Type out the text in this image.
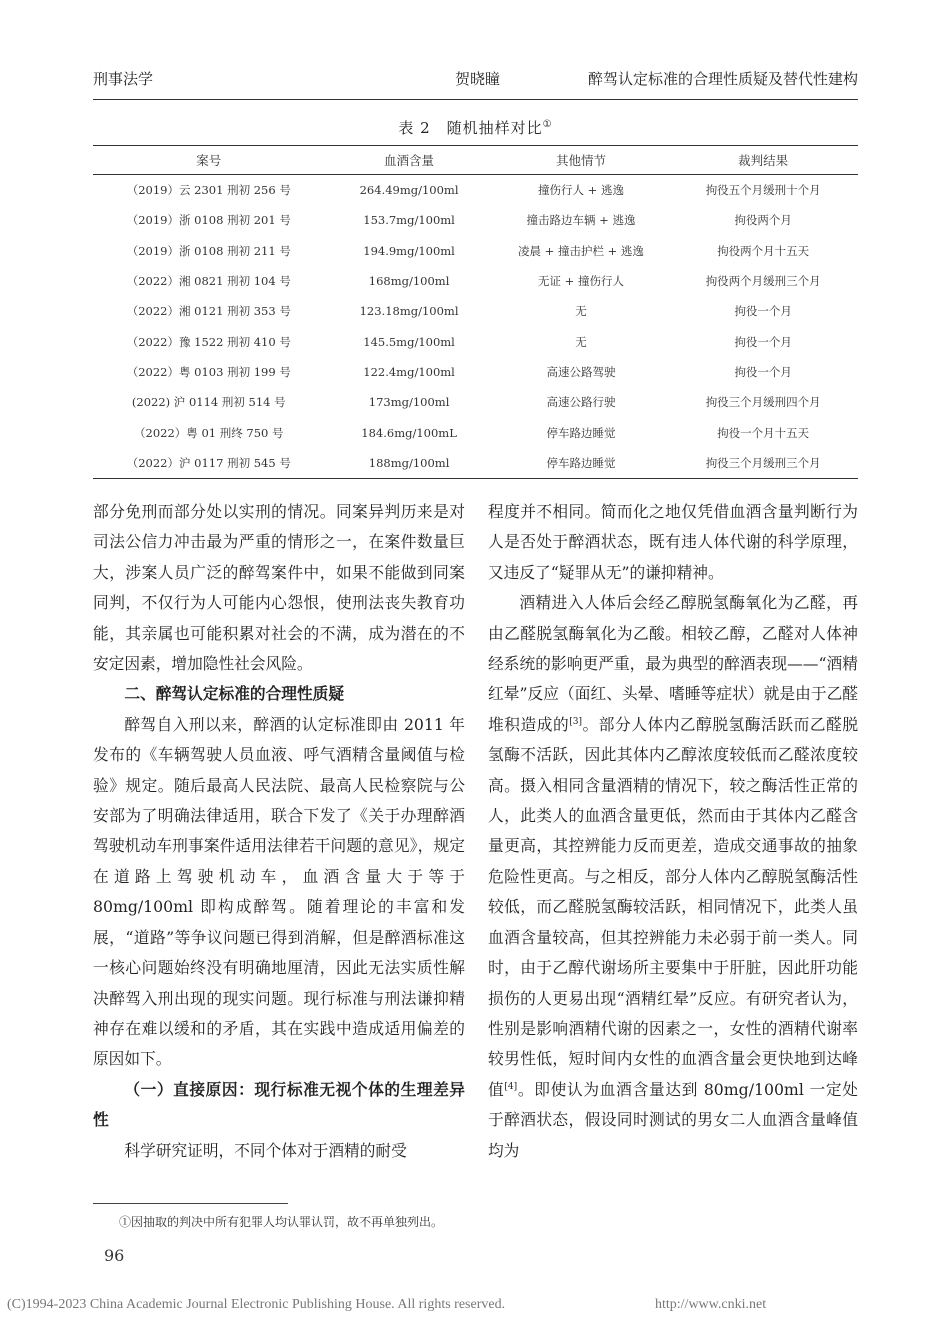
刑事法学	贺晓瞳	醉驾认定标准的合理性质疑及替代性建构
表 2　随机抽样对比①
案号	血酒含量	其他情节	裁判结果
（2019）云 2301 刑初 256 号	264.49mg/100ml	撞伤行人 + 逃逸	拘役五个月缓刑十个月
（2019）浙 0108 刑初 201 号	153.7mg/100ml	撞击路边车辆 + 逃逸	拘役两个月
（2019）浙 0108 刑初 211 号	194.9mg/100ml	凌晨 + 撞击护栏 + 逃逸	拘役两个月十五天
（2022）湘 0821 刑初 104 号	168mg/100ml	无证 + 撞伤行人	拘役两个月缓刑三个月
（2022）湘 0121 刑初 353 号	123.18mg/100ml	无	拘役一个月
（2022）豫 1522 刑初 410 号	145.5mg/100ml	无	拘役一个月
（2022）粤 0103 刑初 199 号	122.4mg/100ml	高速公路驾驶	拘役一个月
(2022) 沪 0114 刑初 514 号	173mg/100ml	高速公路行驶	拘役三个月缓刑四个月
（2022）粤 01 刑终 750 号	184.6mg/100mL	停车路边睡觉	拘役一个月十五天
（2022）沪 0117 刑初 545 号	188mg/100ml	停车路边睡觉	拘役三个月缓刑三个月

部分免刑而部分处以实刑的情况。同案异判历来是对司法公信力冲击最为严重的情形之一，在案件数量巨大，涉案人员广泛的醉驾案件中，如果不能做到同案同判，不仅行为人可能内心怨恨，使刑法丧失教育功能，其亲属也可能积累对社会的不满，成为潜在的不安定因素，增加隐性社会风险。

二、醉驾认定标准的合理性质疑

醉驾自入刑以来，醉酒的认定标准即由 2011 年发布的《车辆驾驶人员血液、呼气酒精含量阈值与检验》规定。随后最高人民法院、最高人民检察院与公安部为了明确法律适用，联合下发了《关于办理醉酒驾驶机动车刑事案件适用法律若干问题的意见》，规定在道路上驾驶机动车，血酒含量大于等于 80mg/100ml 即构成醉驾。随着理论的丰富和发展，“道路”等争议问题已得到消解，但是醉酒标准这一核心问题始终没有明确地厘清，因此无法实质性解决醉驾入刑出现的现实问题。现行标准与刑法谦抑精神存在难以缓和的矛盾，其在实践中造成适用偏差的原因如下。

（一）直接原因：现行标准无视个体的生理差异性

科学研究证明，不同个体对于酒精的耐受

程度并不相同。简而化之地仅凭借血酒含量判断行为人是否处于醉酒状态，既有违人体代谢的科学原理，又违反了“疑罪从无”的谦抑精神。

酒精进入人体后会经乙醇脱氢酶氧化为乙醛，再由乙醛脱氢酶氧化为乙酸。相较乙醇，乙醛对人体神经系统的影响更严重，最为典型的醉酒表现——“酒精红晕”反应（面红、头晕、嗜睡等症状）就是由于乙醛堆积造成的[3]。部分人体内乙醇脱氢酶活跃而乙醛脱氢酶不活跃，因此其体内乙醇浓度较低而乙醛浓度较高。摄入相同含量酒精的情况下，较之酶活性正常的人，此类人的血酒含量更低，然而由于其体内乙醛含量更高，其控辨能力反而更差，造成交通事故的抽象危险性更高。与之相反，部分人体内乙醇脱氢酶活性较低，而乙醛脱氢酶较活跃，相同情况下，此类人虽血酒含量较高，但其控辨能力未必弱于前一类人。同时，由于乙醇代谢场所主要集中于肝脏，因此肝功能损伤的人更易出现“酒精红晕”反应。有研究者认为，性别是影响酒精代谢的因素之一，女性的酒精代谢率较男性低，短时间内女性的血酒含量会更快地到达峰值[4]。即使认为血酒含量达到 80mg/100ml 一定处于醉酒状态，假设同时测试的男女二人血酒含量峰值均为

①因抽取的判决中所有犯罪人均认罪认罚，故不再单独列出。
96
(C)1994-2023 China Academic Journal Electronic Publishing House. All rights reserved.	http://www.cnki.net
